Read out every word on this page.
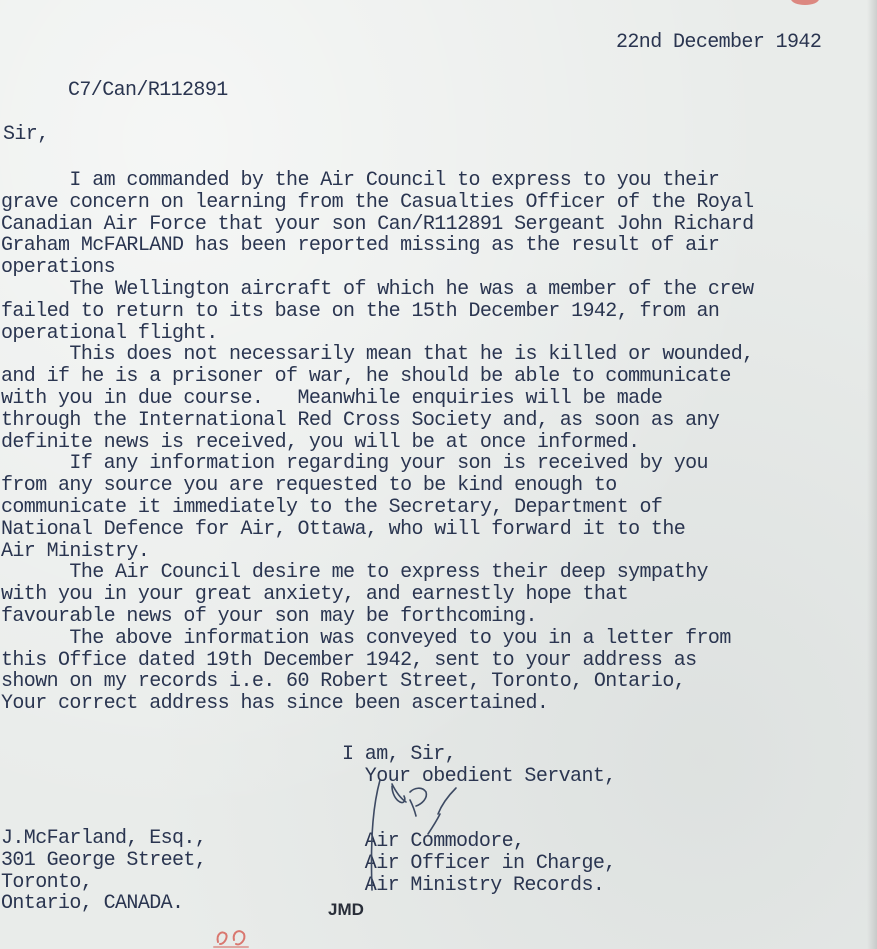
22nd December 1942

C7/Can/R112891

Sir,

I am commanded by the Air Council to express to you their
grave concern on learning from the Casualties Officer of the Royal
Canadian Air Force that your son Can/R112891 Sergeant John Richard
Graham McFARLAND has been reported missing as the result of air
operations
The Wellington aircraft of which he was a member of the crew
failed to return to its base on the 15th December 1942, from an
operational flight.
This does not necessarily mean that he is killed or wounded,
and if he is a prisoner of war, he should be able to communicate
with you in due course.   Meanwhile enquiries will be made
through the International Red Cross Society and, as soon as any
definite news is received, you will be at once informed.
If any information regarding your son is received by you
from any source you are requested to be kind enough to
communicate it immediately to the Secretary, Department of
National Defence for Air, Ottawa, who will forward it to the
Air Ministry.
The Air Council desire me to express their deep sympathy
with you in your great anxiety, and earnestly hope that
favourable news of your son may be forthcoming.
The above information was conveyed to you in a letter from
this Office dated 19th December 1942, sent to your address as
shown on my records i.e. 60 Robert Street, Toronto, Ontario,
Your correct address has since been ascertained.

I am, Sir,
Your obedient Servant,

Air Commodore,
Air Officer in Charge,
Air Ministry Records.

J.McFarland, Esq.,
301 George Street,
Toronto,
Ontario, CANADA.	JMD
